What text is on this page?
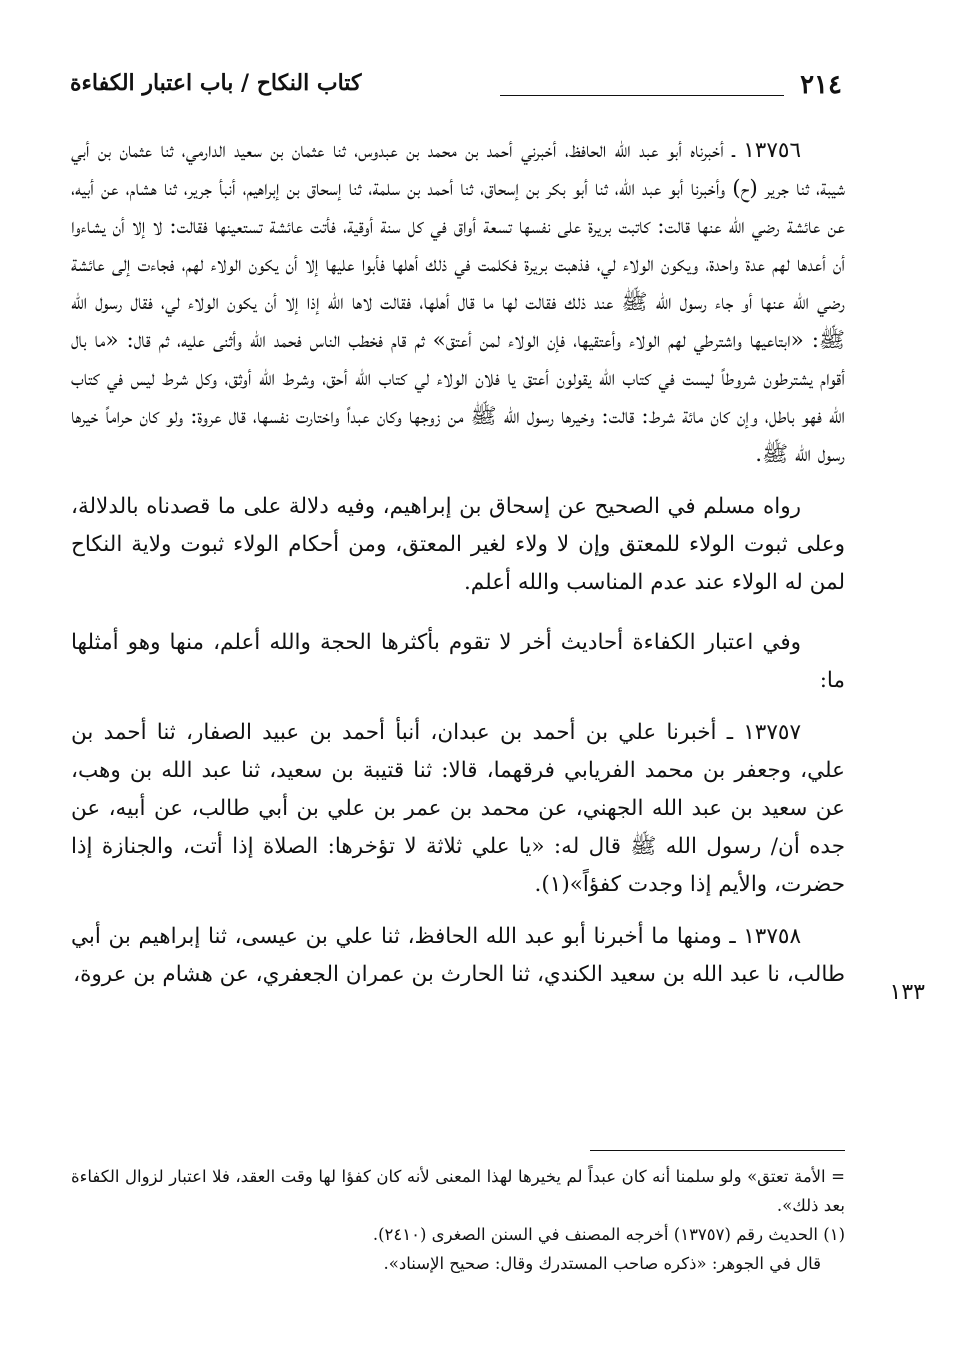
٢١٤
كتاب النكاح / باب اعتبار الكفاءة

١٣٧٥٦ ـ أخبرناه أبو عبد الله الحافظ، أخبرني أحمد بن محمد بن عبدوس، ثنا عثمان بن سعيد الدارمي، ثنا عثمان بن أبي شيبة، ثنا جرير (ح) وأخبرنا أبو عبد الله، ثنا أبو بكر بن إسحاق، ثنا أحمد بن سلمة، ثنا إسحاق بن إبراهيم، أنبأ جرير، ثنا هشام، عن أبيه، عن عائشة رضي الله عنها قالت: كاتبت بريرة على نفسها تسعة أواق في كل سنة أوقية، فأتت عائشة تستعينها فقالت: لا إلا أن يشاءوا أن أعدها لهم عدة واحدة، ويكون الولاء لي، فذهبت بريرة فكلمت في ذلك أهلها فأبوا عليها إلا أن يكون الولاء لهم، فجاءت إلى عائشة رضي الله عنها أو جاء رسول الله ﷺ عند ذلك فقالت لها ما قال أهلها، فقالت لاها الله إذا إلا أن يكون الولاء لي، فقال رسول الله ﷺ: «ابتاعيها واشترطي لهم الولاء وأعتقيها، فإن الولاء لمن أعتق» ثم قام فخطب الناس فحمد الله وأثنى عليه، ثم قال: «ما بال أقوام يشترطون شروطاً ليست في كتاب الله يقولون أعتق يا فلان الولاء لي كتاب الله أحق، وشرط الله أوثق، وكل شرط ليس في كتاب الله فهو باطل، وإن كان مائة شرط: قالت: وخيرها رسول الله ﷺ من زوجها وكان عبداً واختارت نفسها، قال عروة: ولو كان حراماً خيرها رسول الله ﷺ.

رواه مسلم في الصحيح عن إسحاق بن إبراهيم، وفيه دلالة على ما قصدناه بالدلالة، وعلى ثبوت الولاء للمعتق وإن لا ولاء لغير المعتق، ومن أحكام الولاء ثبوت ولاية النكاح لمن له الولاء عند عدم المناسب والله أعلم.

وفي اعتبار الكفاءة أحاديث أخر لا تقوم بأكثرها الحجة والله أعلم، منها وهو أمثلها ما:

١٣٧٥٧ ـ أخبرنا علي بن أحمد بن عبدان، أنبأ أحمد بن عبيد الصفار، ثنا أحمد بن علي، وجعفر بن محمد الفريابي فرقهما، قالا: ثنا قتيبة بن سعيد، ثنا عبد الله بن وهب، عن سعيد بن عبد الله الجهني، عن محمد بن عمر بن علي بن أبي طالب، عن أبيه، عن جده أن/ رسول الله ﷺ قال له: «يا علي ثلاثة لا تؤخرها: الصلاة إذا أتت، والجنازة إذا حضرت، والأيم إذا وجدت كفؤاً»(١).

١٣٧٥٨ ـ ومنها ما أخبرنا أبو عبد الله الحافظ، ثنا علي بن عيسى، ثنا إبراهيم بن أبي طالب، نا عبد الله بن سعيد الكندي، ثنا الحارث بن عمران الجعفري، عن هشام بن عروة،

١٣٣

= الأمة تعتق» ولو سلمنا أنه كان عبداً لم يخيرها لهذا المعنى لأنه كان كفؤا لها وقت العقد، فلا اعتبار لزوال الكفاءة بعد ذلك».

(١) الحديث رقم (١٣٧٥٧) أخرجه المصنف في السنن الصغرى (٢٤١٠).

قال في الجوهر: «ذكره صاحب المستدرك وقال: صحيح الإسناد».
